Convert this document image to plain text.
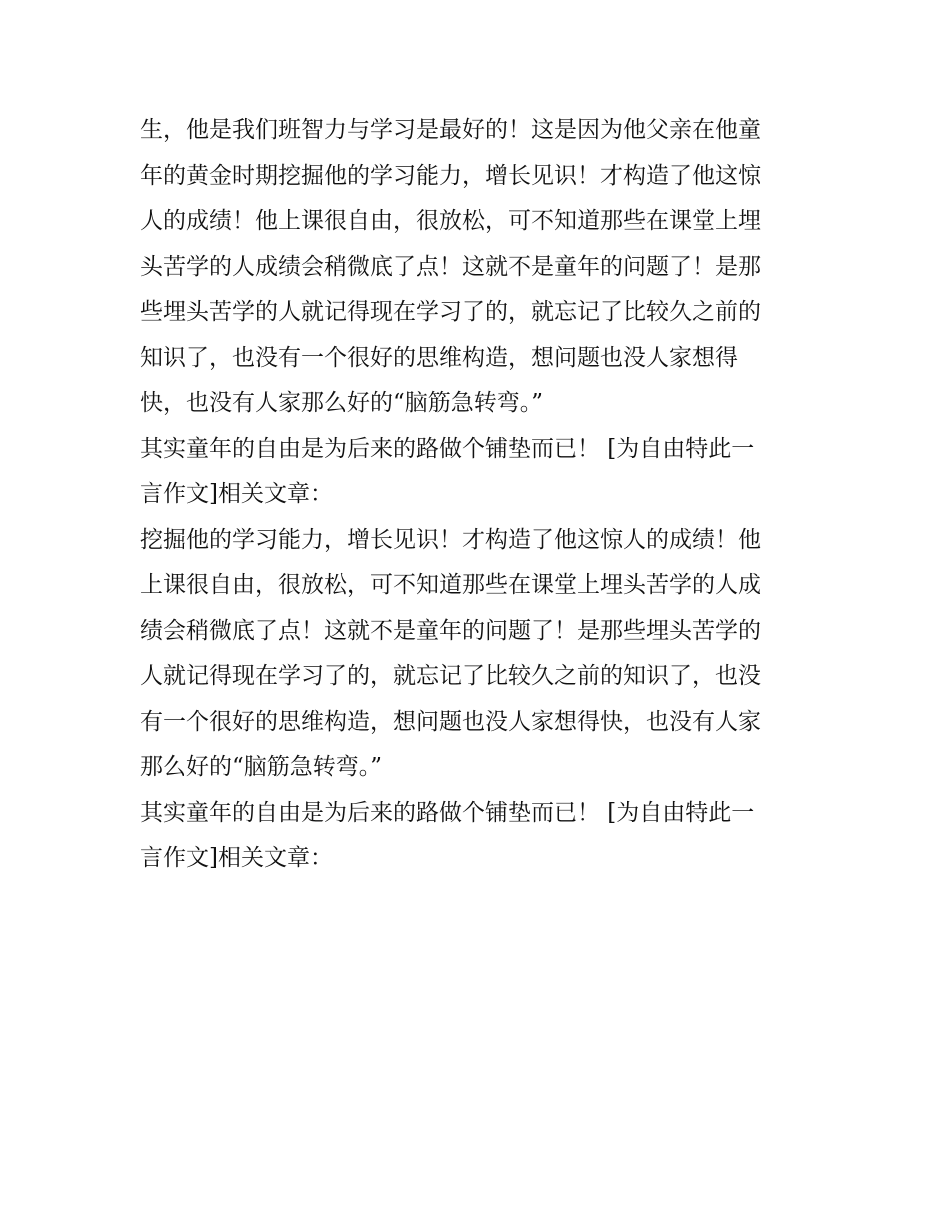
生，他是我们班智力与学习是最好的！这是因为他父亲在他童
年的黄金时期挖掘他的学习能力，增长见识！才构造了他这惊
人的成绩！他上课很自由，很放松，可不知道那些在课堂上埋
头苦学的人成绩会稍微底了点！这就不是童年的问题了！是那
些埋头苦学的人就记得现在学习了的，就忘记了比较久之前的
知识了，也没有一个很好的思维构造，想问题也没人家想得
快，也没有人家那么好的“脑筋急转弯。”
其实童年的自由是为后来的路做个铺垫而已！ [为自由特此一
言作文]相关文章：
挖掘他的学习能力，增长见识！才构造了他这惊人的成绩！他
上课很自由，很放松，可不知道那些在课堂上埋头苦学的人成
绩会稍微底了点！这就不是童年的问题了！是那些埋头苦学的
人就记得现在学习了的，就忘记了比较久之前的知识了，也没
有一个很好的思维构造，想问题也没人家想得快，也没有人家
那么好的“脑筋急转弯。”
其实童年的自由是为后来的路做个铺垫而已！ [为自由特此一
言作文]相关文章：
